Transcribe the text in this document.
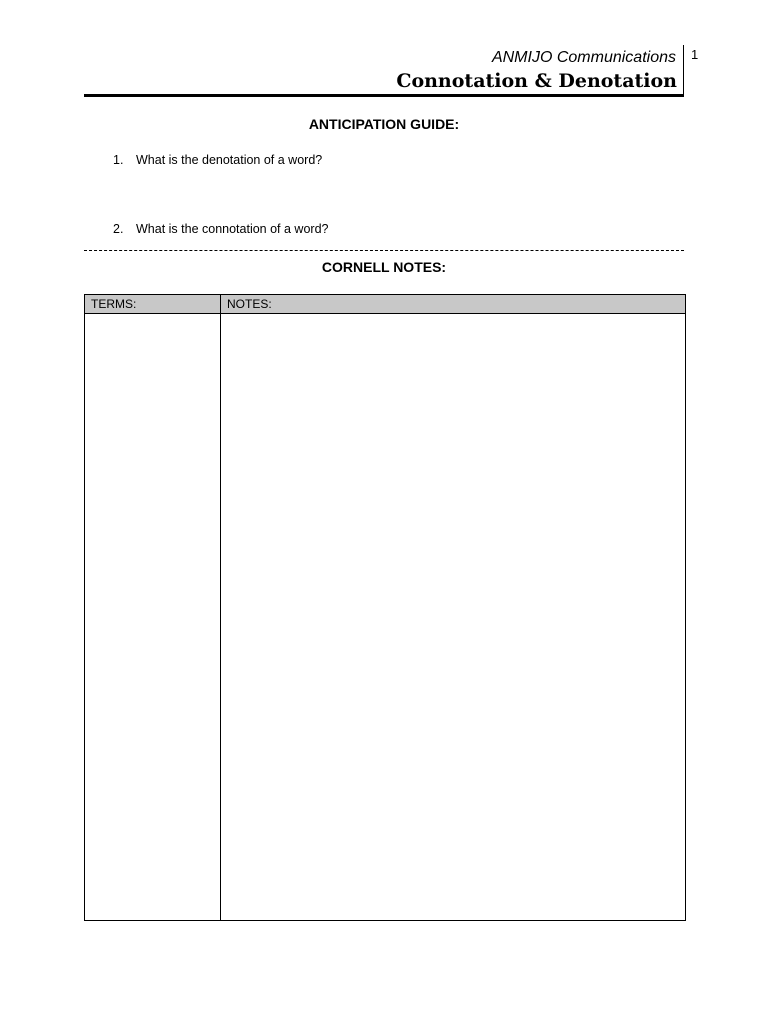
ANMIJO Communications
Connotation & Denotation
1
ANTICIPATION GUIDE:
1. What is the denotation of a word?
2. What is the connotation of a word?
CORNELL NOTES:
TERMS:	NOTES:
